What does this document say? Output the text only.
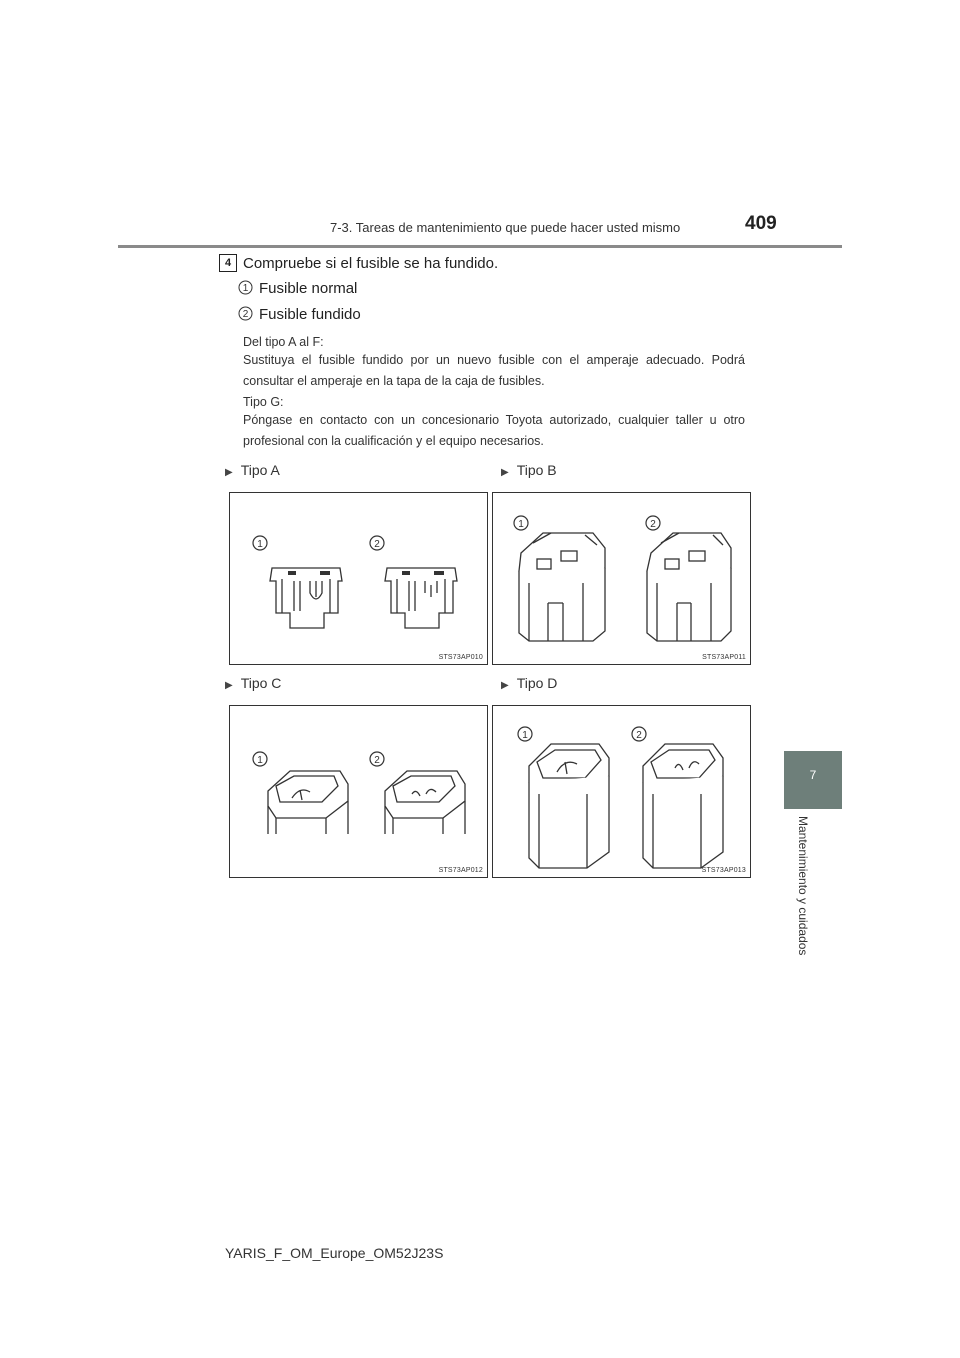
7-3. Tareas de mantenimiento que puede hacer usted mismo	409
7
Mantenimiento y cuidados
4 Compruebe si el fusible se ha fundido.
1 Fusible normal
2 Fusible fundido
Del tipo A al F:
Sustituya el fusible fundido por un nuevo fusible con el amperaje adecuado. Podrá consultar el amperaje en la tapa de la caja de fusibles.
Tipo G:
Póngase en contacto con un concesionario Toyota autorizado, cualquier taller u otro profesional con la cualificación y el equipo necesarios.
▶ Tipo A	▶ Tipo B
▶ Tipo C	▶ Tipo D
1	2
STS73AP010
1	2
STS73AP011
1	2
STS73AP012
1	2
STS73AP013
YARIS_F_OM_Europe_OM52J23S
